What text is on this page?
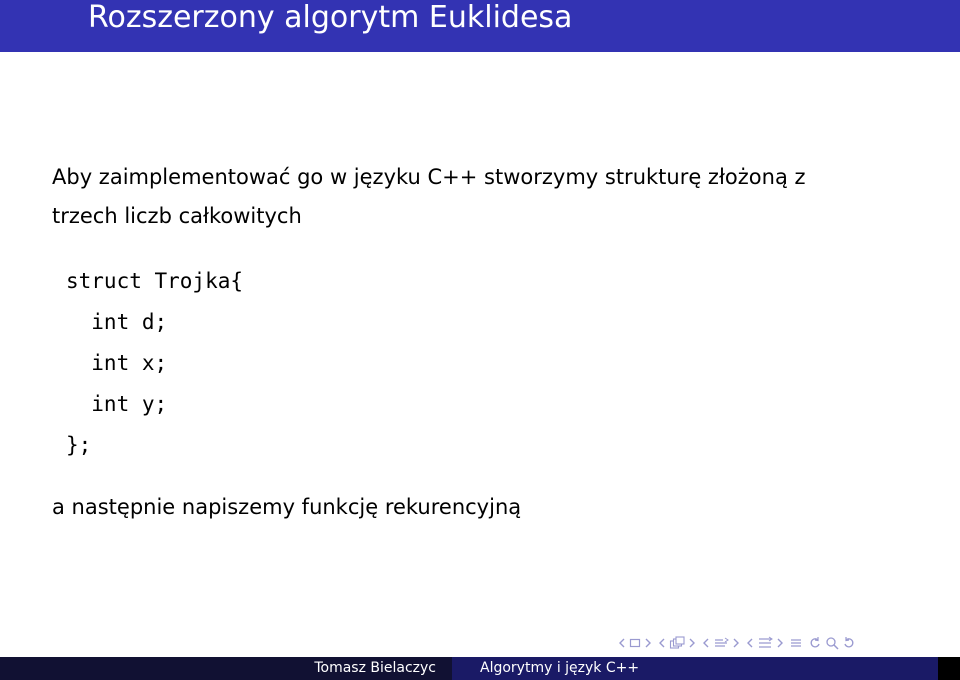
Rozszerzony algorytm Euklidesa
Aby zaimplementować go w języku C++ stworzymy strukturę złożoną z
trzech liczb całkowitych
struct Trojka{
int d;
int x;
int y;
};
a następnie napiszemy funkcję rekurencyjną
Tomasz Bielaczyc	Algorytmy i język C++
